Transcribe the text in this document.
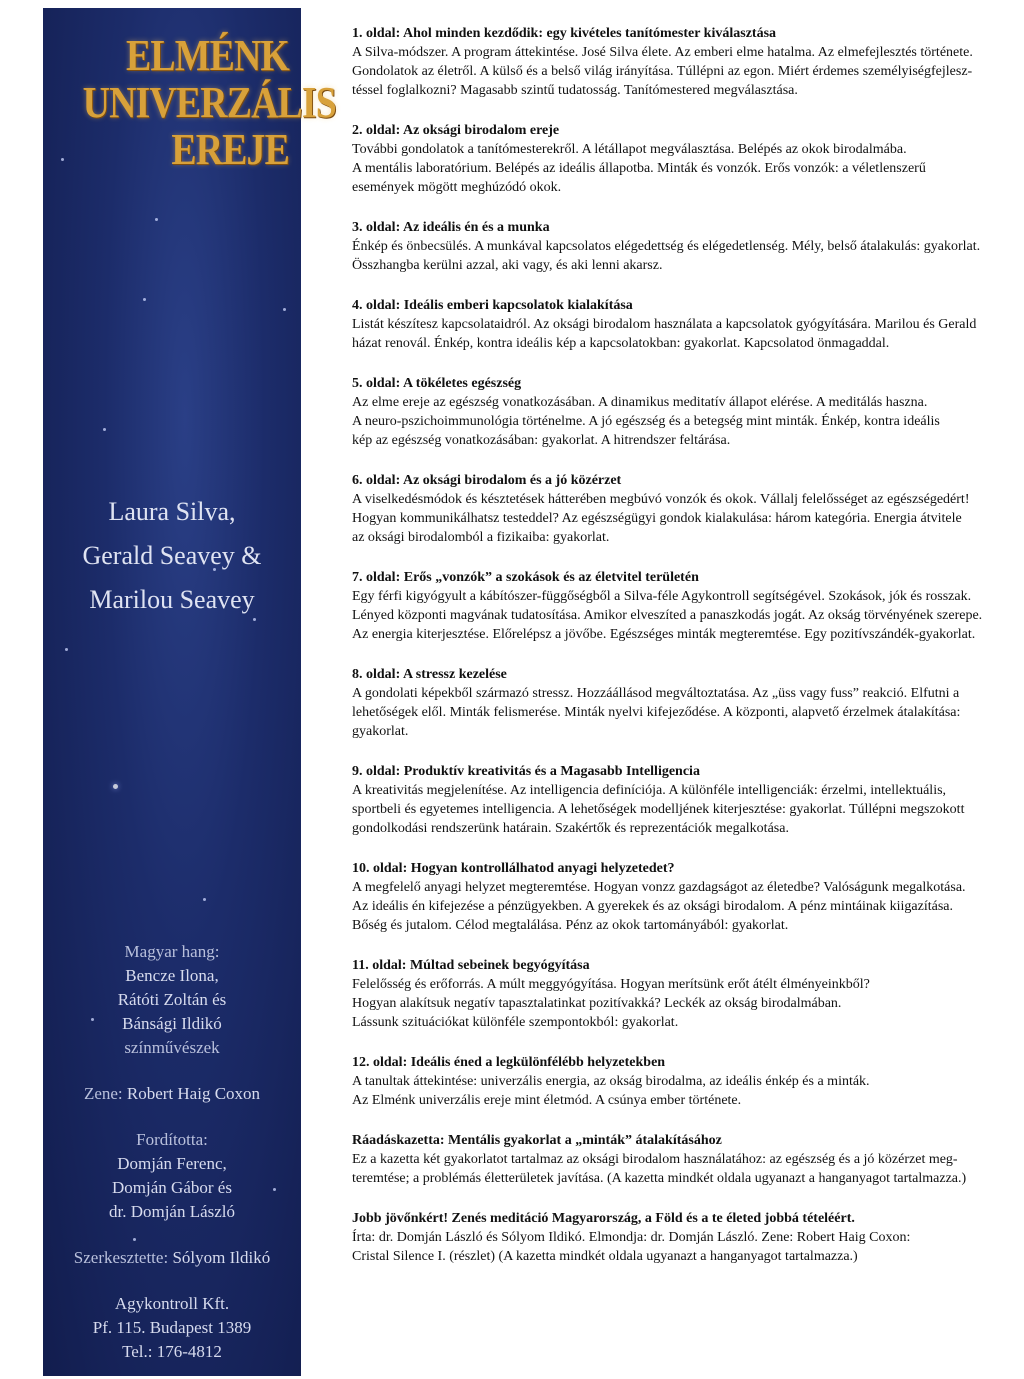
ELMÉNK
UNIVERZÁLIS
EREJE
Laura Silva,
Gerald Seavey &
Marilou Seavey
Magyar hang:
Bencze Ilona,
Rátóti Zoltán és
Bánsági Ildikó
színművészek
Zene: Robert Haig Coxon
Fordította:
Domján Ferenc,
Domján Gábor és
dr. Domján László
Szerkesztette: Sólyom Ildikó
Agykontroll Kft.
Pf. 115. Budapest 1389
Tel.: 176-4812
1. oldal: Ahol minden kezdődik: egy kivételes tanítómester kiválasztása
A Silva-módszer. A program áttekintése. José Silva élete. Az emberi elme hatalma. Az elmefejlesztés története.
Gondolatok az életről. A külső és a belső világ irányítása. Túllépni az egon. Miért érdemes személyiségfejlesz-
téssel foglalkozni? Magasabb szintű tudatosság. Tanítómestered megválasztása.
2. oldal: Az oksági birodalom ereje
További gondolatok a tanítómesterekről. A létállapot megválasztása. Belépés az okok birodalmába.
A mentális laboratórium. Belépés az ideális állapotba. Minták és vonzók. Erős vonzók: a véletlenszerű
események mögött meghúzódó okok.
3. oldal: Az ideális én és a munka
Énkép és önbecsülés. A munkával kapcsolatos elégedettség és elégedetlenség. Mély, belső átalakulás: gyakorlat.
Összhangba kerülni azzal, aki vagy, és aki lenni akarsz.
4. oldal: Ideális emberi kapcsolatok kialakítása
Listát készítesz kapcsolataidról. Az oksági birodalom használata a kapcsolatok gyógyítására. Marilou és Gerald
házat renovál. Énkép, kontra ideális kép a kapcsolatokban: gyakorlat. Kapcsolatod önmagaddal.
5. oldal: A tökéletes egészség
Az elme ereje az egészség vonatkozásában. A dinamikus meditatív állapot elérése. A meditálás haszna.
A neuro-pszichoimmunológia történelme. A jó egészség és a betegség mint minták. Énkép, kontra ideális
kép az egészség vonatkozásában: gyakorlat. A hitrendszer feltárása.
6. oldal: Az oksági birodalom és a jó közérzet
A viselkedésmódok és késztetések hátterében megbúvó vonzók és okok. Vállalj felelősséget az egészségedért!
Hogyan kommunikálhatsz testeddel? Az egészségügyi gondok kialakulása: három kategória. Energia átvitele
az oksági birodalomból a fizikaiba: gyakorlat.
7. oldal: Erős „vonzók” a szokások és az életvitel területén
Egy férfi kigyógyult a kábítószer-függőségből a Silva-féle Agykontroll segítségével. Szokások, jók és rosszak.
Lényed központi magvának tudatosítása. Amikor elveszíted a panaszkodás jogát. Az okság törvényének szerepe.
Az energia kiterjesztése. Előrelépsz a jövőbe. Egészséges minták megteremtése. Egy pozitívszándék-gyakorlat.
8. oldal: A stressz kezelése
A gondolati képekből származó stressz. Hozzáállásod megváltoztatása. Az „üss vagy fuss” reakció. Elfutni a
lehetőségek elől. Minták felismerése. Minták nyelvi kifejeződése. A központi, alapvető érzelmek átalakítása:
gyakorlat.
9. oldal: Produktív kreativitás és a Magasabb Intelligencia
A kreativitás megjelenítése. Az intelligencia definíciója. A különféle intelligenciák: érzelmi, intellektuális,
sportbeli és egyetemes intelligencia. A lehetőségek modelljének kiterjesztése: gyakorlat. Túllépni megszokott
gondolkodási rendszerünk határain. Szakértők és reprezentációk megalkotása.
10. oldal: Hogyan kontrollálhatod anyagi helyzetedet?
A megfelelő anyagi helyzet megteremtése. Hogyan vonzz gazdagságot az életedbe? Valóságunk megalkotása.
Az ideális én kifejezése a pénzügyekben. A gyerekek és az oksági birodalom. A pénz mintáinak kiigazítása.
Bőség és jutalom. Célod megtalálása. Pénz az okok tartományából: gyakorlat.
11. oldal: Múltad sebeinek begyógyítása
Felelősség és erőforrás. A múlt meggyógyítása. Hogyan merítsünk erőt átélt élményeinkből?
Hogyan alakítsuk negatív tapasztalatinkat pozitívakká? Leckék az okság birodalmában.
Lássunk szituációkat különféle szempontokból: gyakorlat.
12. oldal: Ideális éned a legkülönfélébb helyzetekben
A tanultak áttekintése: univerzális energia, az okság birodalma, az ideális énkép és a minták.
Az Elménk univerzális ereje mint életmód. A csúnya ember története.
Ráadáskazetta: Mentális gyakorlat a „minták” átalakításához
Ez a kazetta két gyakorlatot tartalmaz az oksági birodalom használatához: az egészség és a jó közérzet meg-
teremtése; a problémás életterületek javítása. (A kazetta mindkét oldala ugyanazt a hanganyagot tartalmazza.)
Jobb jövőnkért! Zenés meditáció Magyarország, a Föld és a te életed jobbá tételéért.
Írta: dr. Domján László és Sólyom Ildikó. Elmondja: dr. Domján László. Zene: Robert Haig Coxon:
Cristal Silence I. (részlet) (A kazetta mindkét oldala ugyanazt a hanganyagot tartalmazza.)
